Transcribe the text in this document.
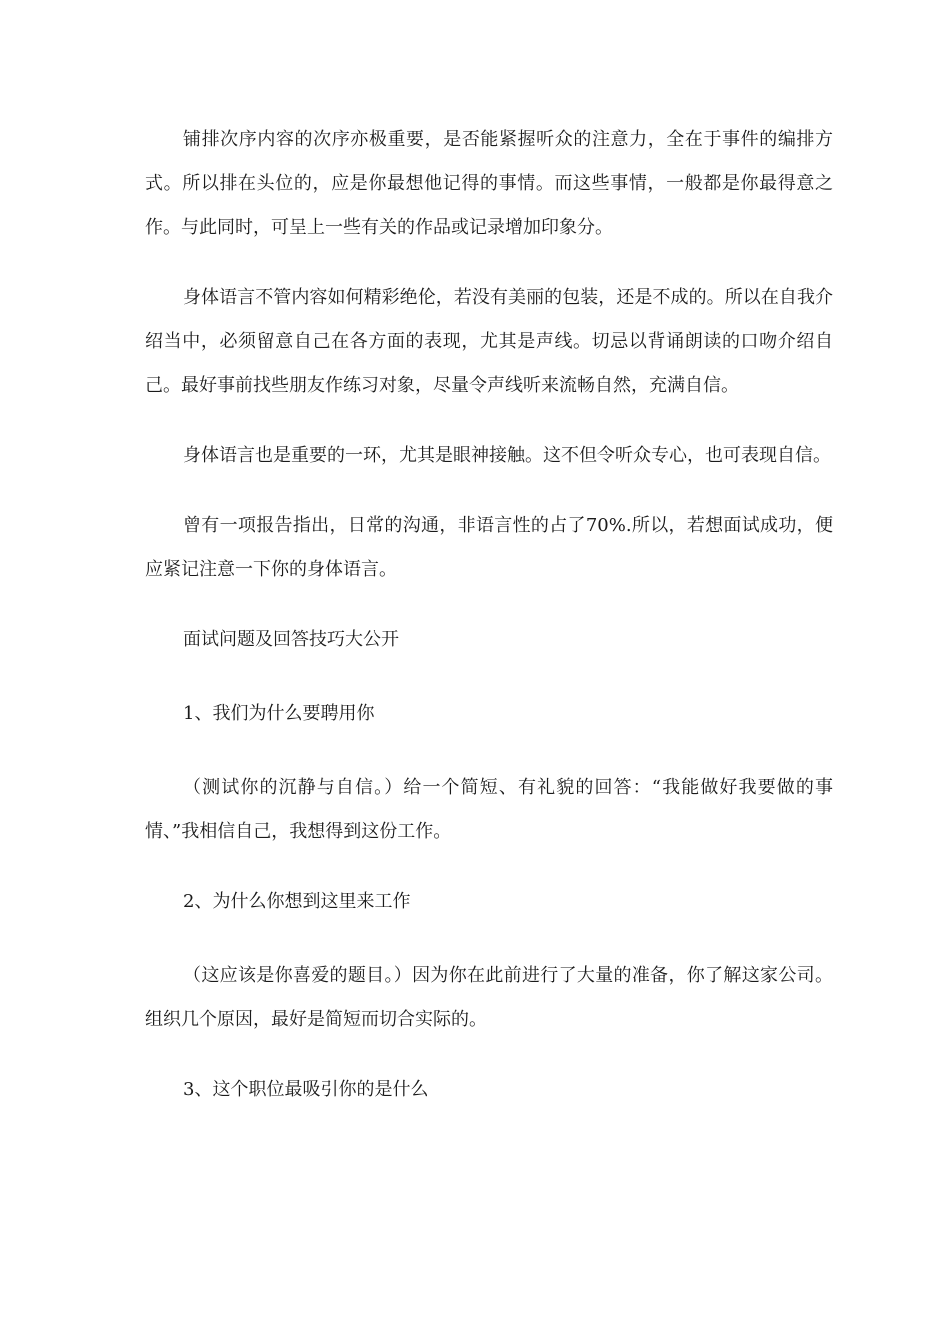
铺排次序内容的次序亦极重要，是否能紧握听众的注意力，全在于事件的编排方式。所以排在头位的，应是你最想他记得的事情。而这些事情，一般都是你最得意之作。与此同时，可呈上一些有关的作品或记录增加印象分。

身体语言不管内容如何精彩绝伦，若没有美丽的包装，还是不成的。所以在自我介绍当中，必须留意自己在各方面的表现，尤其是声线。切忌以背诵朗读的口吻介绍自己。最好事前找些朋友作练习对象，尽量令声线听来流畅自然，充满自信。

身体语言也是重要的一环，尤其是眼神接触。这不但令听众专心，也可表现自信。

曾有一项报告指出，日常的沟通，非语言性的占了70%.所以，若想面试成功，便应紧记注意一下你的身体语言。

面试问题及回答技巧大公开

1、我们为什么要聘用你

（测试你的沉静与自信。）给一个简短、有礼貌的回答：“我能做好我要做的事情、”我相信自己，我想得到这份工作。

2、为什么你想到这里来工作

（这应该是你喜爱的题目。）因为你在此前进行了大量的准备，你了解这家公司。组织几个原因，最好是简短而切合实际的。

3、这个职位最吸引你的是什么
